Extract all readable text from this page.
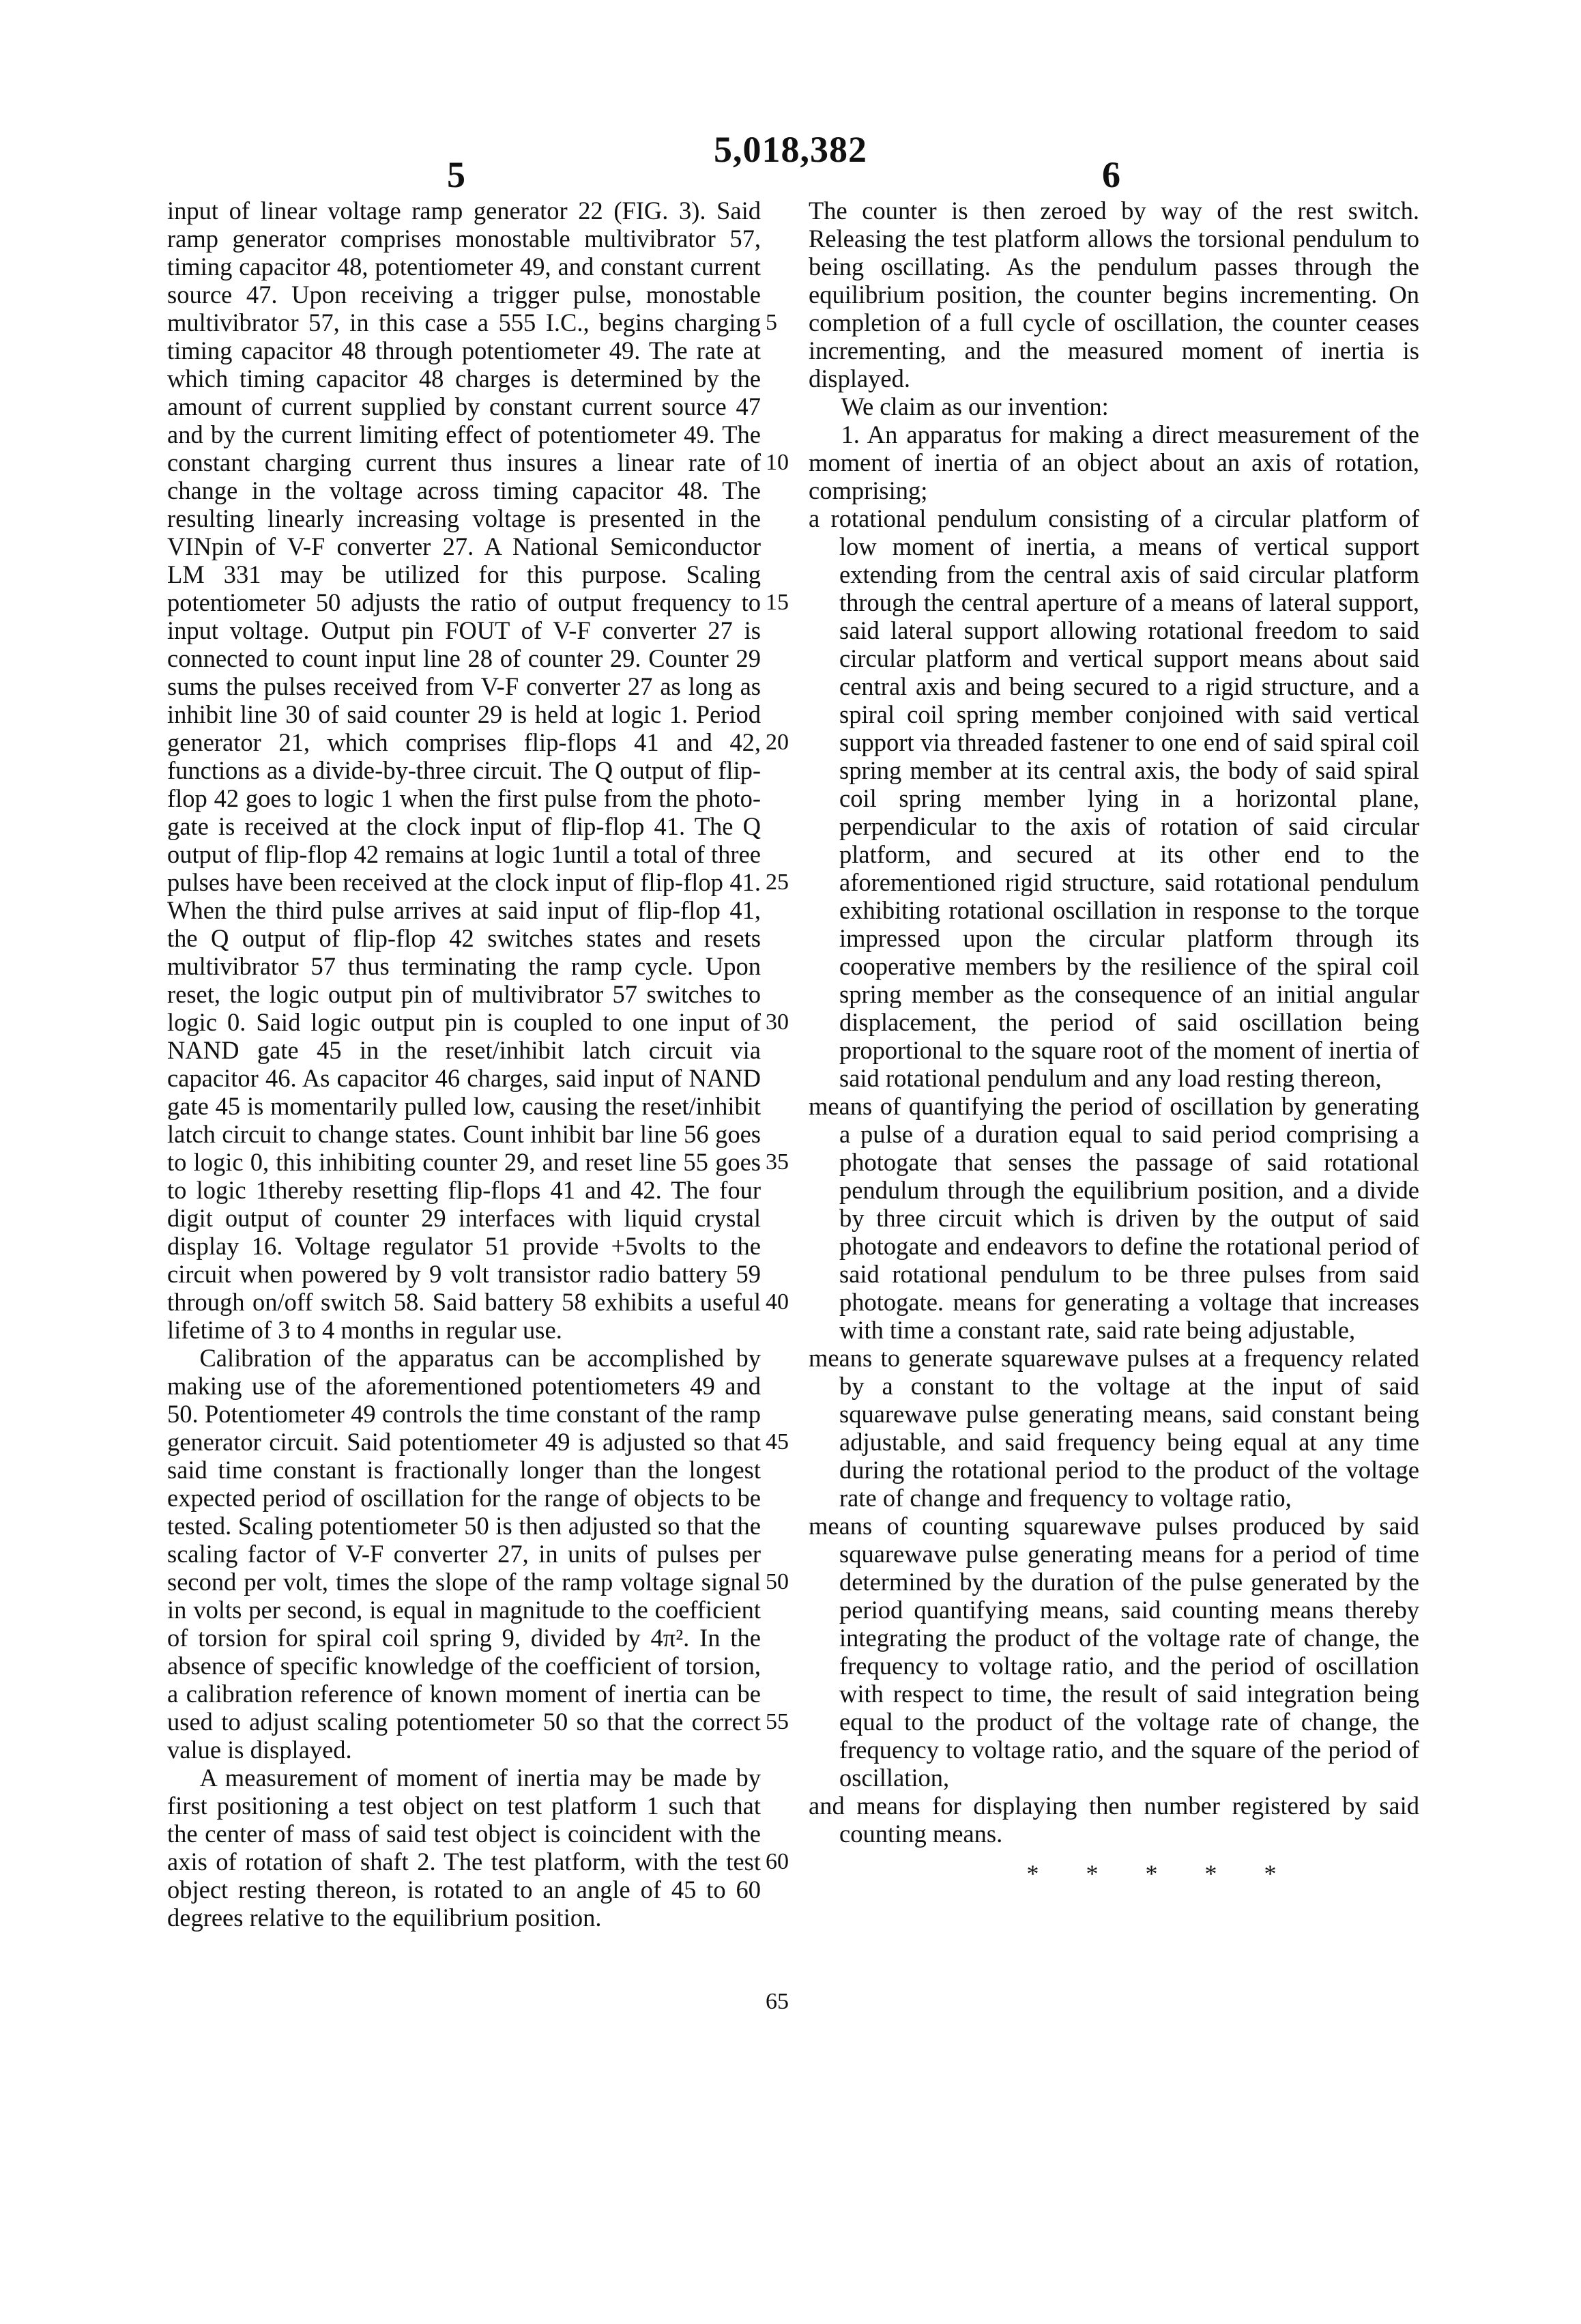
5,018,382
5	6

input of linear voltage ramp generator 22 (FIG. 3). Said ramp generator comprises monostable multivibrator 57, timing capacitor 48, potentiometer 49, and constant current source 47. Upon receiving a trigger pulse, monostable multivibrator 57, in this case a 555 I.C., begins charging timing capacitor 48 through potentiometer 49. The rate at which timing capacitor 48 charges is determined by the amount of current supplied by constant current source 47 and by the current limiting effect of potentiometer 49. The constant charging current thus insures a linear rate of change in the voltage across timing capacitor 48. The resulting linearly increasing voltage is presented in the VINpin of V-F converter 27. A National Semiconductor LM 331 may be utilized for this purpose. Scaling potentiometer 50 adjusts the ratio of output frequency to input voltage. Output pin FOUT of V-F converter 27 is connected to count input line 28 of counter 29. Counter 29 sums the pulses received from V-F converter 27 as long as inhibit line 30 of said counter 29 is held at logic 1. Period generator 21, which comprises flip-flops 41 and 42, functions as a divide-by-three circuit. The Q output of flip-flop 42 goes to logic 1 when the first pulse from the photo-gate is received at the clock input of flip-flop 41. The Q output of flip-flop 42 remains at logic 1until a total of three pulses have been received at the clock input of flip-flop 41. When the third pulse arrives at said input of flip-flop 41, the Q output of flip-flop 42 switches states and resets multivibrator 57 thus terminating the ramp cycle. Upon reset, the logic output pin of multivibrator 57 switches to logic 0. Said logic output pin is coupled to one input of NAND gate 45 in the reset/inhibit latch circuit via capacitor 46. As capacitor 46 charges, said input of NAND gate 45 is momentarily pulled low, causing the reset/inhibit latch circuit to change states. Count inhibit bar line 56 goes to logic 0, this inhibiting counter 29, and reset line 55 goes to logic 1thereby resetting flip-flops 41 and 42. The four digit output of counter 29 interfaces with liquid crystal display 16. Voltage regulator 51 provide +5volts to the circuit when powered by 9 volt transistor radio battery 59 through on/off switch 58. Said battery 58 exhibits a useful lifetime of 3 to 4 months in regular use.

Calibration of the apparatus can be accomplished by making use of the aforementioned potentiometers 49 and 50. Potentiometer 49 controls the time constant of the ramp generator circuit. Said potentiometer 49 is adjusted so that said time constant is fractionally longer than the longest expected period of oscillation for the range of objects to be tested. Scaling potentiometer 50 is then adjusted so that the scaling factor of V-F converter 27, in units of pulses per second per volt, times the slope of the ramp voltage signal in volts per second, is equal in magnitude to the coefficient of torsion for spiral coil spring 9, divided by 4π². In the absence of specific knowledge of the coefficient of torsion, a calibration reference of known moment of inertia can be used to adjust scaling potentiometer 50 so that the correct value is displayed.

A measurement of moment of inertia may be made by first positioning a test object on test platform 1 such that the center of mass of said test object is coincident with the axis of rotation of shaft 2. The test platform, with the test object resting thereon, is rotated to an angle of 45 to 60 degrees relative to the equilibrium position.

5
10
15
20
25
30
35
40
45
50
55
60
65

The counter is then zeroed by way of the rest switch. Releasing the test platform allows the torsional pendulum to being oscillating. As the pendulum passes through the equilibrium position, the counter begins incrementing. On completion of a full cycle of oscillation, the counter ceases incrementing, and the measured moment of inertia is displayed.

We claim as our invention:

1. An apparatus for making a direct measurement of the moment of inertia of an object about an axis of rotation, comprising;

a rotational pendulum consisting of a circular platform of low moment of inertia, a means of vertical support extending from the central axis of said circular platform through the central aperture of a means of lateral support, said lateral support allowing rotational freedom to said circular platform and vertical support means about said central axis and being secured to a rigid structure, and a spiral coil spring member conjoined with said vertical support via threaded fastener to one end of said spiral coil spring member at its central axis, the body of said spiral coil spring member lying in a horizontal plane, perpendicular to the axis of rotation of said circular platform, and secured at its other end to the aforementioned rigid structure, said rotational pendulum exhibiting rotational oscillation in response to the torque impressed upon the circular platform through its cooperative members by the resilience of the spiral coil spring member as the consequence of an initial angular displacement, the period of said oscillation being proportional to the square root of the moment of inertia of said rotational pendulum and any load resting thereon,

means of quantifying the period of oscillation by generating a pulse of a duration equal to said period comprising a photogate that senses the passage of said rotational pendulum through the equilibrium position, and a divide by three circuit which is driven by the output of said photogate and endeavors to define the rotational period of said rotational pendulum to be three pulses from said photogate. means for generating a voltage that increases with time a constant rate, said rate being adjustable,

means to generate squarewave pulses at a frequency related by a constant to the voltage at the input of said squarewave pulse generating means, said constant being adjustable, and said frequency being equal at any time during the rotational period to the product of the voltage rate of change and frequency to voltage ratio,

means of counting squarewave pulses produced by said squarewave pulse generating means for a period of time determined by the duration of the pulse generated by the period quantifying means, said counting means thereby integrating the product of the voltage rate of change, the frequency to voltage ratio, and the period of oscillation with respect to time, the result of said integration being equal to the product of the voltage rate of change, the frequency to voltage ratio, and the square of the period of oscillation,

and means for displaying then number registered by said counting means.

* * * * *
